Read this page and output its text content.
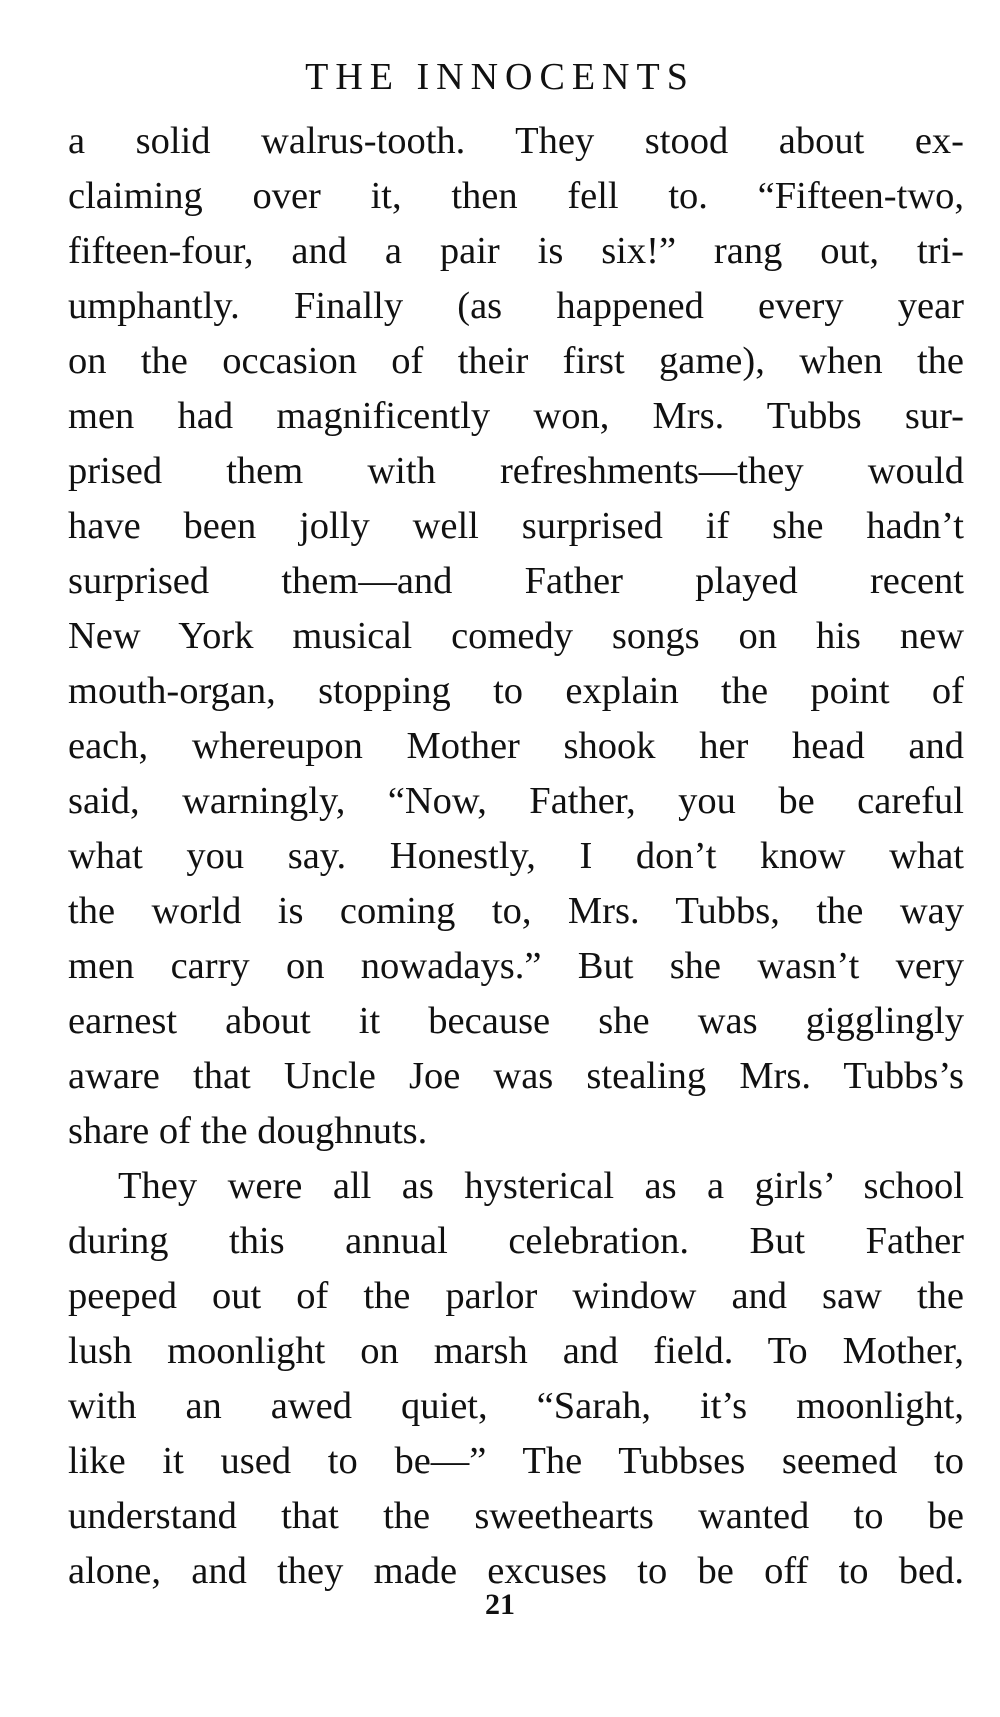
THE INNOCENTS
a solid walrus-tooth. They stood about ex-
claiming over it, then fell to. “Fifteen-two,
fifteen-four, and a pair is six!” rang out, tri-
umphantly. Finally (as happened every year
on the occasion of their first game), when the
men had magnificently won, Mrs. Tubbs sur-
prised them with refreshments—they would
have been jolly well surprised if she hadn’t
surprised them—and Father played recent
New York musical comedy songs on his new
mouth-organ, stopping to explain the point of
each, whereupon Mother shook her head and
said, warningly, “Now, Father, you be careful
what you say. Honestly, I don’t know what
the world is coming to, Mrs. Tubbs, the way
men carry on nowadays.” But she wasn’t very
earnest about it because she was gigglingly
aware that Uncle Joe was stealing Mrs. Tubbs’s
share of the doughnuts.
They were all as hysterical as a girls’ school
during this annual celebration. But Father
peeped out of the parlor window and saw the
lush moonlight on marsh and field. To Mother,
with an awed quiet, “Sarah, it’s moonlight,
like it used to be—” The Tubbses seemed to
understand that the sweethearts wanted to be
alone, and they made excuses to be off to bed.
21
